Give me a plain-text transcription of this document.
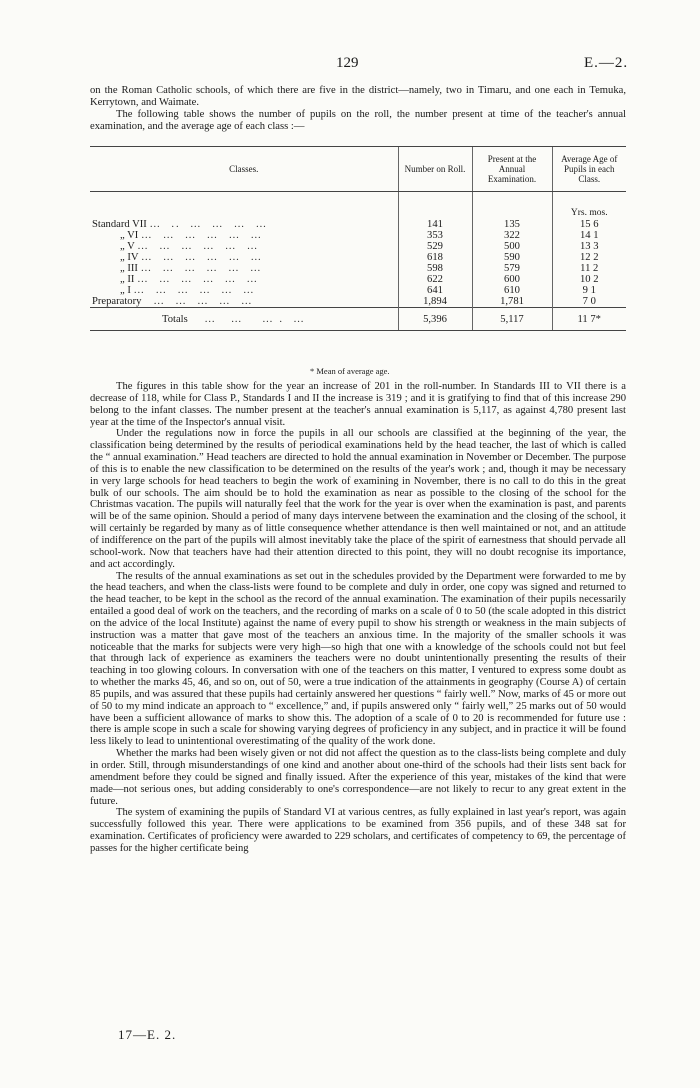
129	E.—2.

on the Roman Catholic schools, of which there are five in the district—namely, two in Timaru, and one each in Temuka, Kerrytown, and Waimate.

The following table shows the number of pupils on the roll, the number present at time of the teacher's annual examination, and the average age of each class :—

Classes.	Number on Roll.	Present at the Annual Examination.	Average Age of Pupils in each Class.
			Yrs. mos.
Standard VII …  ..  …  …  …  …	141	135	15 6
„ VI …  …  …  …  …  …	353	322	14 1
„ V …  …  …  …  …  …	529	500	13 3
„ IV …  …  …  …  …  …	618	590	12 2
„ III …  …  …  …  …  …	598	579	11 2
„ II …  …  …  …  …  …	622	600	10 2
„ I …  …  …  …  …  …	641	610	9 1
Preparatory   …  …  …  …  …	1,894	1,781	7 0
Totals    …   …    … .  …	5,396	5,117	11 7*
* Mean of average age.

The figures in this table show for the year an increase of 201 in the roll-number. In Standards III to VII there is a decrease of 118, while for Class P., Standards I and II the increase is 319 ; and it is gratifying to find that of this increase 290 belong to the infant classes. The number present at the teacher's annual examination is 5,117, as against 4,780 present last year at the time of the Inspector's annual visit.

Under the regulations now in force the pupils in all our schools are classified at the beginning of the year, the classification being determined by the results of periodical examinations held by the head teacher, the last of which is called the “ annual examination.” Head teachers are directed to hold the annual examination in November or December. The purpose of this is to enable the new classification to be determined on the results of the year's work ; and, though it may be necessary in very large schools for head teachers to begin the work of examining in November, there is no call to do this in the great bulk of our schools. The aim should be to hold the examination as near as possible to the closing of the school for the Christmas vacation. The pupils will naturally feel that the work for the year is over when the examination is past, and parents will be of the same opinion. Should a period of many days intervene between the examination and the closing of the school, it will certainly be regarded by many as of little consequence whether attendance is then well maintained or not, and an attitude of indifference on the part of the pupils will almost inevitably take the place of the spirit of earnestness that should pervade all school-work. Now that teachers have had their attention directed to this point, they will no doubt recognise its importance, and act accordingly.

The results of the annual examinations as set out in the schedules provided by the Department were forwarded to me by the head teachers, and when the class-lists were found to be complete and duly in order, one copy was signed and returned to the head teacher, to be kept in the school as the record of the annual examination. The examination of their pupils necessarily entailed a good deal of work on the teachers, and the recording of marks on a scale of 0 to 50 (the scale adopted in this district on the advice of the local Institute) against the name of every pupil to show his strength or weakness in the main subjects of instruction was a matter that gave most of the teachers an anxious time. In the majority of the smaller schools it was noticeable that the marks for subjects were very high—so high that one with a knowledge of the schools could not but feel that through lack of experience as examiners the teachers were no doubt unintentionally presenting the results of their teaching in too glowing colours. In conversation with one of the teachers on this matter, I ventured to express some doubt as to whether the marks 45, 46, and so on, out of 50, were a true indication of the attainments in geography (Course A) of certain 85 pupils, and was assured that these pupils had certainly answered her questions “ fairly well.” Now, marks of 45 or more out of 50 to my mind indicate an approach to “ excellence,” and, if pupils answered only “ fairly well,” 25 marks out of 50 would have been a sufficient allowance of marks to show this. The adoption of a scale of 0 to 20 is recommended for future use : there is ample scope in such a scale for showing varying degrees of proficiency in any subject, and in practice it will be found less likely to lead to unintentional overestimating of the quality of the work done.

Whether the marks had been wisely given or not did not affect the question as to the class-lists being complete and duly in order. Still, through misunderstandings of one kind and another about one-third of the schools had their lists sent back for amendment before they could be signed and finally issued. After the experience of this year, mistakes of the kind that were made—not serious ones, but adding considerably to one's correspondence—are not likely to recur to any great extent in the future.

The system of examining the pupils of Standard VI at various centres, as fully explained in last year's report, was again successfully followed this year. There were applications to be examined from 356 pupils, and of these 348 sat for examination. Certificates of proficiency were awarded to 229 scholars, and certificates of competency to 69, the percentage of passes for the higher certificate being

17—E. 2.
